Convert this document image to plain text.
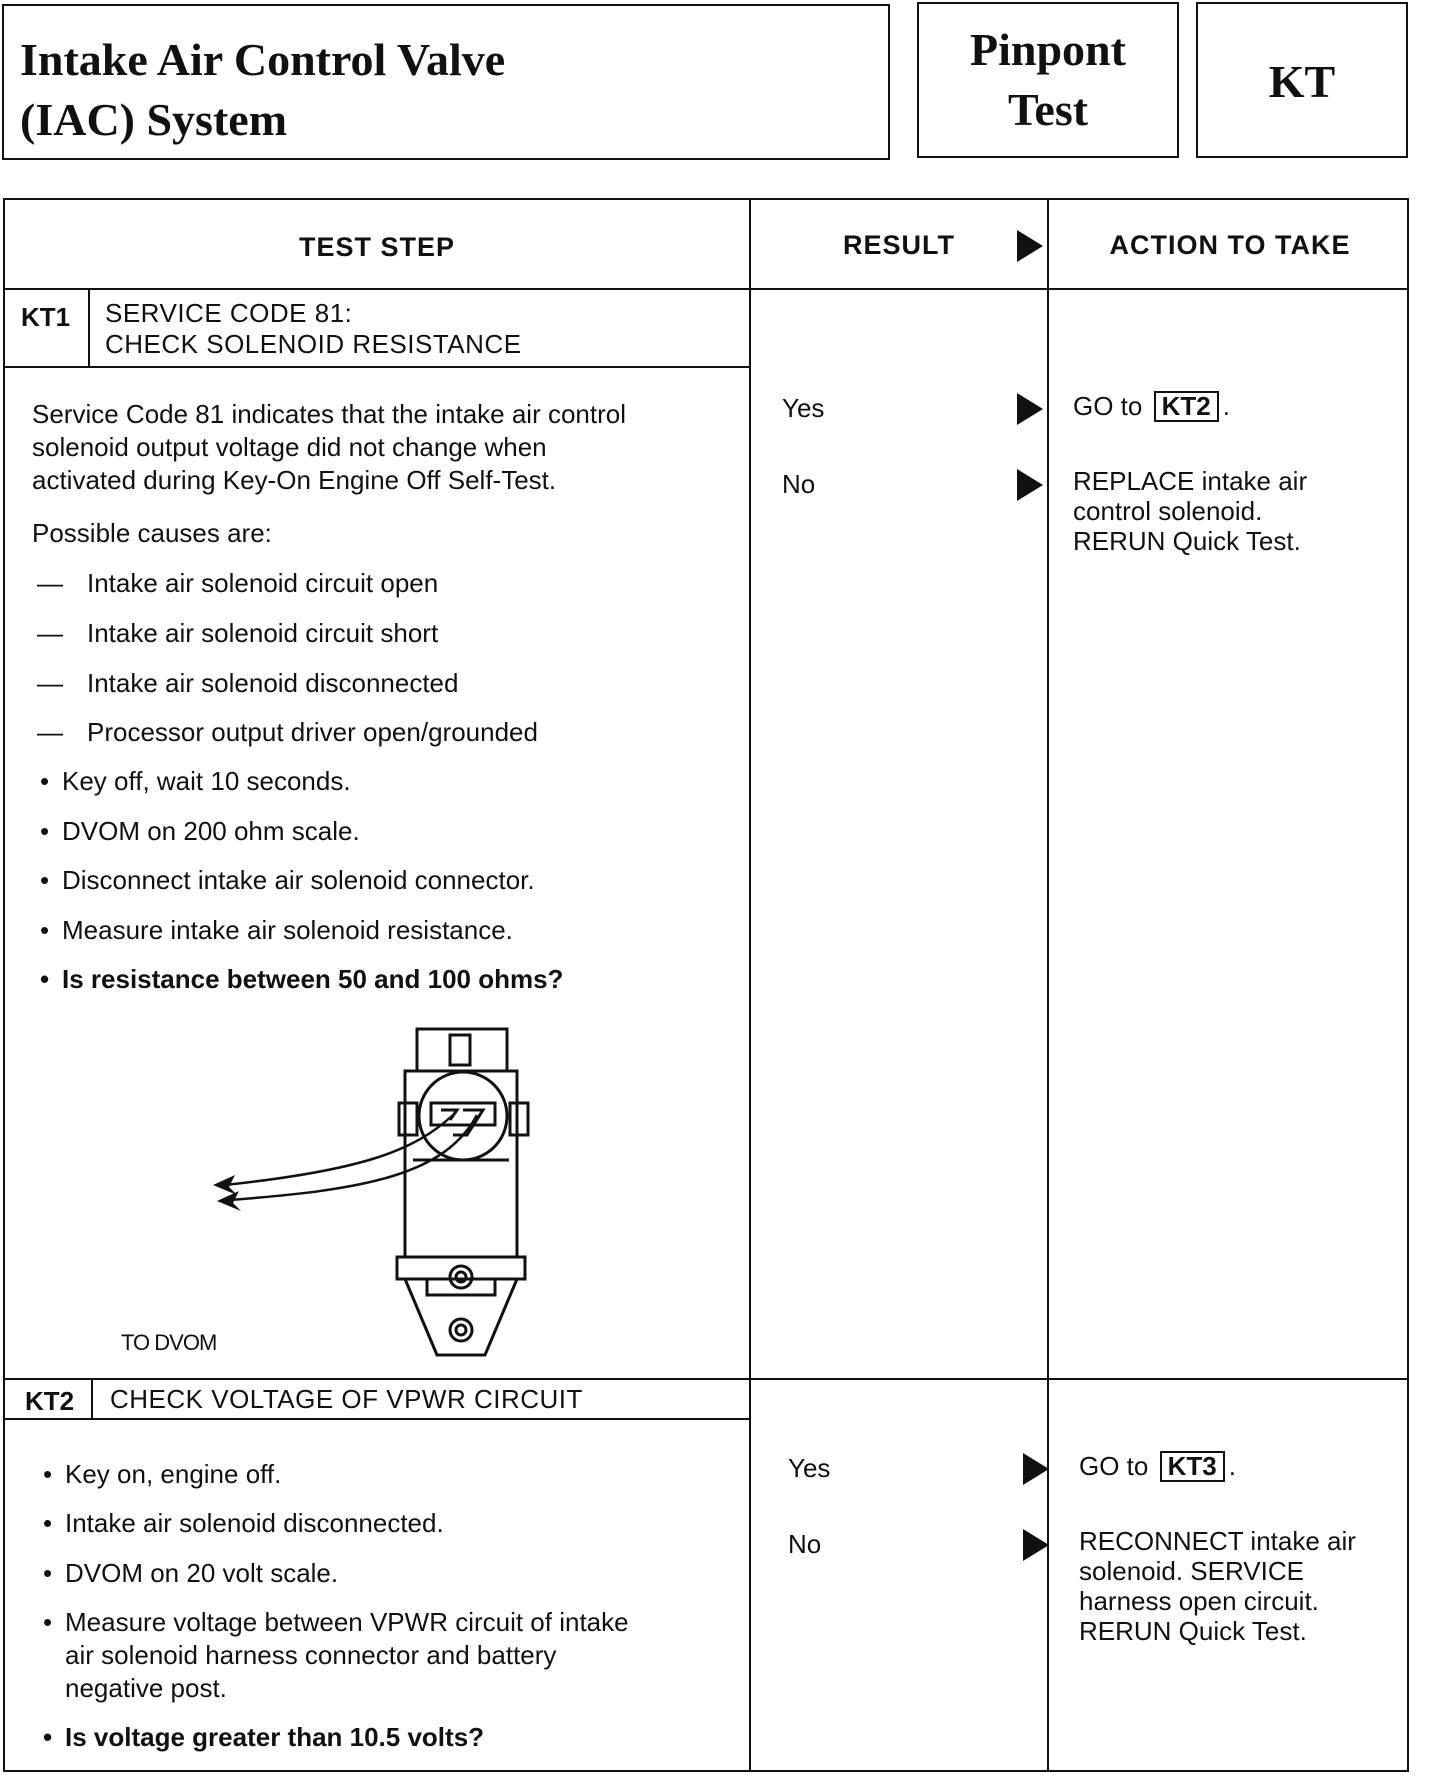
Intake Air Control Valve
(IAC) System
Pinpont
Test
KT
TEST STEP	RESULT	ACTION TO TAKE
KT1 SERVICE CODE 81:
CHECK SOLENOID RESISTANCE
Service Code 81 indicates that the intake air control
solenoid output voltage did not change when
activated during Key-On Engine Off Self-Test.
Possible causes are:
— Intake air solenoid circuit open
— Intake air solenoid circuit short
— Intake air solenoid disconnected
— Processor output driver open/grounded
• Key off, wait 10 seconds.
• DVOM on 200 ohm scale.
• Disconnect intake air solenoid connector.
• Measure intake air solenoid resistance.
• Is resistance between 50 and 100 ohms?
TO DVOM
Yes	GO to KT2 .
No	REPLACE intake air
control solenoid.
RERUN Quick Test.
KT2 CHECK VOLTAGE OF VPWR CIRCUIT
• Key on, engine off.
• Intake air solenoid disconnected.
• DVOM on 20 volt scale.
• Measure voltage between VPWR circuit of intake
air solenoid harness connector and battery
negative post.
• Is voltage greater than 10.5 volts?
Yes	GO to KT3 .
No	RECONNECT intake air
solenoid. SERVICE
harness open circuit.
RERUN Quick Test.
